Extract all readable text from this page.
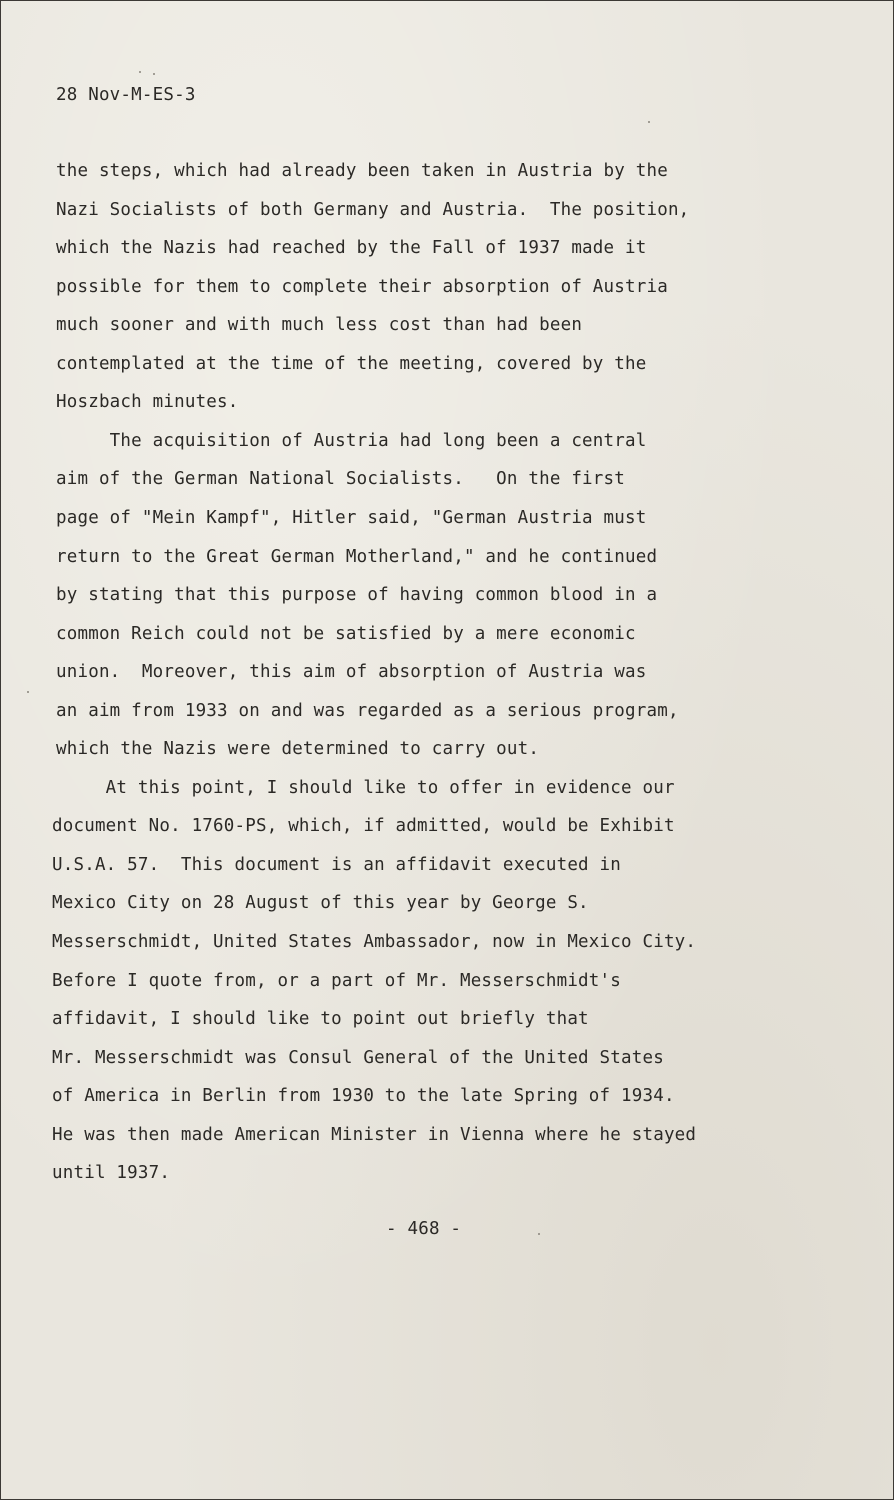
28 Nov-M-ES-3
the steps, which had already been taken in Austria by the
Nazi Socialists of both Germany and Austria.  The position,
which the Nazis had reached by the Fall of 1937 made it
possible for them to complete their absorption of Austria
much sooner and with much less cost than had been
contemplated at the time of the meeting, covered by the
Hoszbach minutes.
The acquisition of Austria had long been a central
aim of the German National Socialists.   On the first
page of "Mein Kampf", Hitler said, "German Austria must
return to the Great German Motherland," and he continued
by stating that this purpose of having common blood in a
common Reich could not be satisfied by a mere economic
union.  Moreover, this aim of absorption of Austria was
an aim from 1933 on and was regarded as a serious program,
which the Nazis were determined to carry out.
At this point, I should like to offer in evidence our
document No. 1760-PS, which, if admitted, would be Exhibit
U.S.A. 57.  This document is an affidavit executed in
Mexico City on 28 August of this year by George S.
Messerschmidt, United States Ambassador, now in Mexico City.
Before I quote from, or a part of Mr. Messerschmidt's
affidavit, I should like to point out briefly that
Mr. Messerschmidt was Consul General of the United States
of America in Berlin from 1930 to the late Spring of 1934.
He was then made American Minister in Vienna where he stayed
until 1937.
- 468 -
